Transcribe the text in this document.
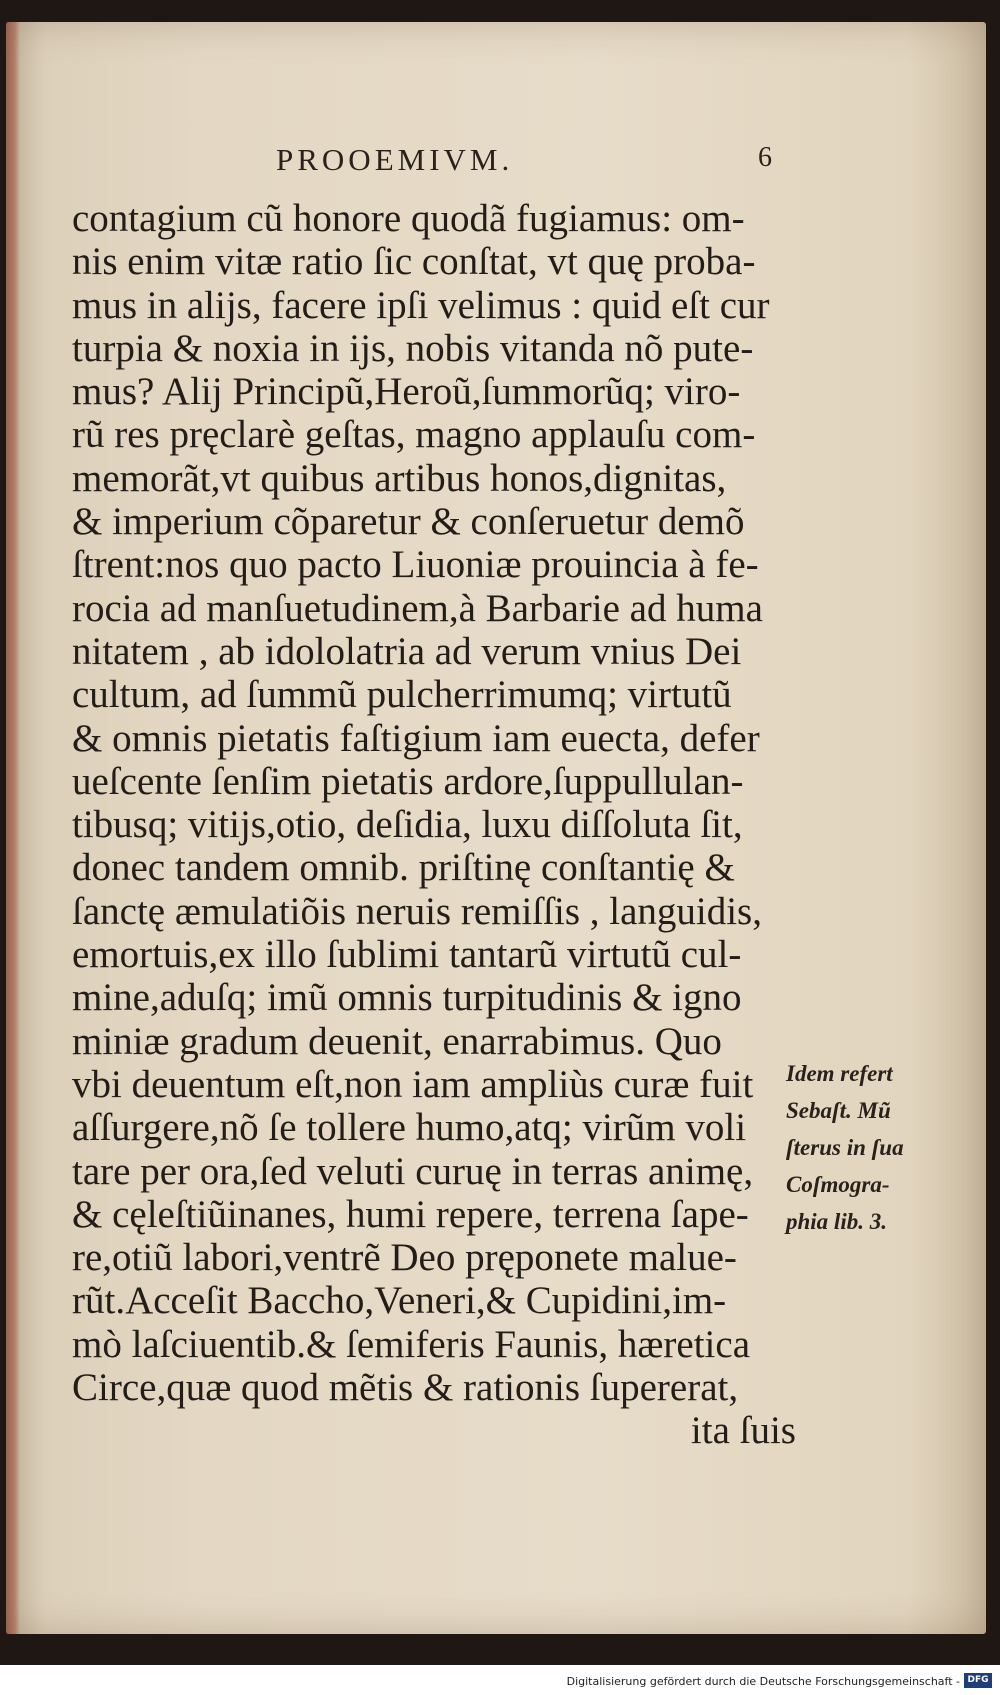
PROOEMIVM.	6
contagium cũ honore quodã fugiamus: om-
nis enim vitæ ratio ſic conſtat, vt quę proba-
mus in alijs, facere ipſi velimus : quid eſt cur
turpia & noxia in ijs, nobis vitanda nõ pute-
mus? Alij Principũ,Heroũ,ſummorũq; viro-
rũ res pręclarè geſtas, magno applauſu com-
memorãt,vt quibus artibus honos,dignitas,
& imperium cõparetur & conſeruetur demõ
ſtrent:nos quo pacto Liuoniæ prouincia à fe-
rocia ad manſuetudinem,à Barbarie ad huma
nitatem , ab idololatria ad verum vnius Dei
cultum, ad ſummũ pulcherrimumq; virtutũ
& omnis pietatis faſtigium iam euecta, defer
ueſcente ſenſim pietatis ardore,ſuppullulan-
tibusq; vitijs,otio, deſidia, luxu diſſoluta ſit,
donec tandem omnib. priſtinę conſtantię &
ſanctę æmulatiõis neruis remiſſis , languidis,
emortuis,ex illo ſublimi tantarũ virtutũ cul-
mine,aduſq; imũ omnis turpitudinis & igno
miniæ gradum deuenit, enarrabimus. Quo
vbi deuentum eſt,non iam ampliùs curæ fuit
aſſurgere,nõ ſe tollere humo,atq; virũm voli
tare per ora,ſed veluti curuę in terras animę,
& cęleſtiũinanes, humi repere, terrena ſape-
re,otiũ labori,ventrẽ Deo pręponete malue-
rũt.Acceſit Baccho,Veneri,& Cupidini,im-
mò laſciuentib.& ſemiferis Faunis, hæretica
Circe,quæ quod mẽtis & rationis ſupererat,
ita ſuis
Idem refert
Sebaſt. Mũ
ſterus in ſua
Coſmogra-
phia lib. 3.
Digitalisierung gefördert durch die Deutsche Forschungsgemeinschaft - DFG
